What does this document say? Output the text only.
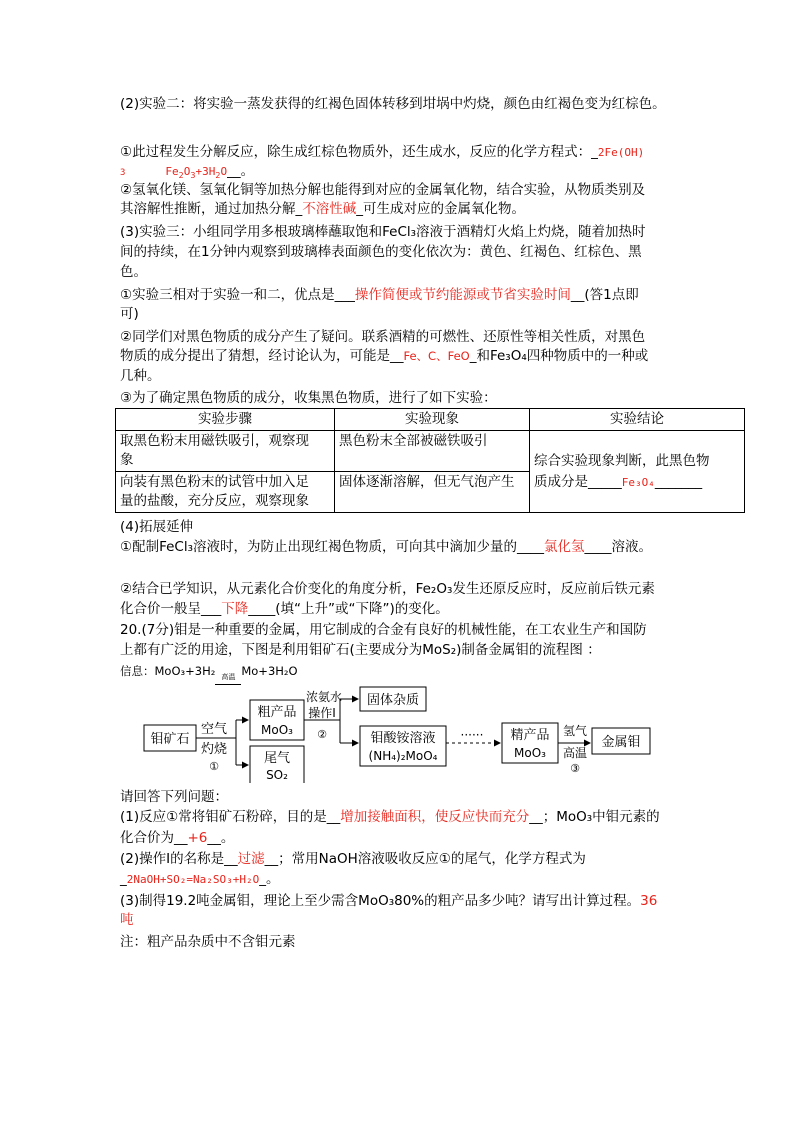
(2)实验二：将实验一蒸发获得的红褐色固体转移到坩埚中灼烧，颜色由红褐色变为红棕色。
①此过程发生分解反应，除生成红棕色物质外，还生成水，反应的化学方程式：_2Fe(OH)
3	$Fe_2O_3+3H_2O\_\_$。
②氢氧化镁、氢氧化铜等加热分解也能得到对应的金属氧化物，结合实验，从物质类别及
其溶解性推断，通过加热分解_不溶性碱_可生成对应的金属氧化物。
(3)实验三：小组同学用多根玻璃棒蘸取饱和FeCl₃溶液于酒精灯火焰上灼烧，随着加热时
间的持续，在1分钟内观察到玻璃棒表面颜色的变化依次为：黄色、红褐色、红棕色、黑
色。
①实验三相对于实验一和二，优点是___操作简便或节约能源或节省实验时间__(答1点即
可)
②同学们对黑色物质的成分产生了疑问。联系酒精的可燃性、还原性等相关性质，对黑色
物质的成分提出了猜想，经讨论认为，可能是__Fe、C、FeO_和Fe₃O₄四种物质中的一种或
几种。
③为了确定黑色物质的成分，收集黑色物质，进行了如下实验：
实验步骤	实验现象	实验结论

取黑色粉末用磁铁吸引，观察现
象	黑色粉末全部被磁铁吸引	综合实验现象判断，此黑色物

向装有黑色粉末的试管中加入足
量的盐酸，充分反应，观察现象	固体逐渐溶解，但无气泡产生	质成分是_____Fe₃O₄_______
(4)拓展延伸
①配制FeCl₃溶液时，为防止出现红褐色物质，可向其中滴加少量的____氯化氢____溶液。
②结合已学知识，从元素化合价变化的角度分析，Fe₂O₃发生还原反应时，反应前后铁元素
化合价一般呈___下降____(填“上升”或“下降”)的变化。
20.(7分)钼是一种重要的金属，用它制成的合金有良好的机械性能，在工农业生产和国防
上都有广泛的用途，下图是利用钼矿石(主要成分为MoS₂)制备金属钼的流程图 ：
信息：MoO₃+3H₂ 高温 Mo+3H₂O
钼矿石
空气
灼烧
①
粗产品
MoO₃
尾气
SO₂
浓氨水
操作Ⅰ
②
固体杂质
钼酸铵溶液
(NH₄)₂MoO₄
······ 精产品
MoO₃
氢气
高温
③
金属钼
请回答下列问题：
(1)反应①常将钼矿石粉碎，目的是__增加接触面积，使反应快而充分__；MoO₃中钼元素的
化合价为__+6__。
(2)操作Ⅰ的名称是__过滤__；常用NaOH溶液吸收反应①的尾气，化学方程式为
_2NaOH+SO₂=Na₂SO₃+H₂O_。
(3)制得19.2吨金属钼，理论上至少需含MoO₃80%的粗产品多少吨？请写出计算过程。36
吨
注：粗产品杂质中不含钼元素
